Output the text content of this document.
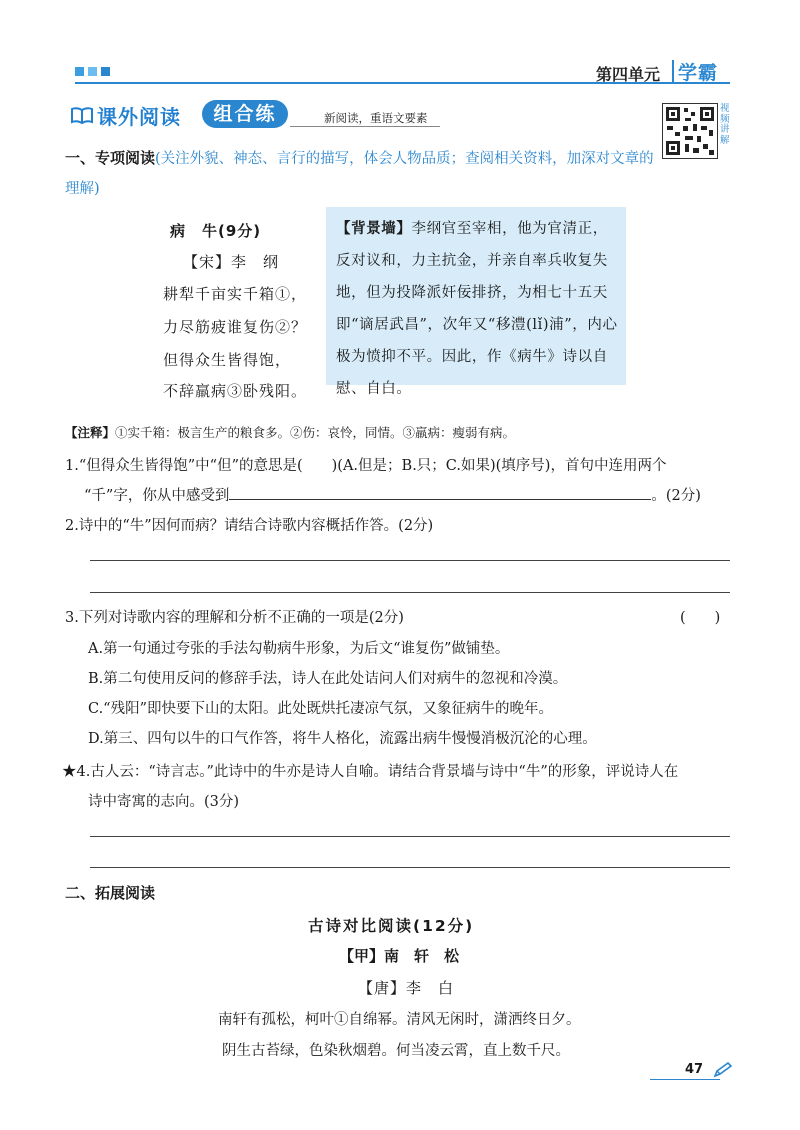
第四单元 学霸
课外阅读	组合练	新阅读，重语文要素
视频讲解
一、专项阅读(关注外貌、神态、言行的描写，体会人物品质；查阅相关资料，加深对文章的
理解)
病　牛(9分)
【宋】李　纲
耕犁千亩实千箱①，
力尽筋疲谁复伤②？
但得众生皆得饱，
不辞羸病③卧残阳。
【背景墙】李纲官至宰相，他为官清正，反对议和，力主抗金，并亲自率兵收复失地，但为投降派奸佞排挤，为相七十五天即“谪居武昌”，次年又“移澧(lǐ)浦”，内心极为愤抑不平。因此，作《病牛》诗以自慰、自白。
【注释】①实千箱：极言生产的粮食多。②伤：哀怜，同情。③羸病：瘦弱有病。
1.“但得众生皆得饱”中“但”的意思是(　　)(A.但是；B.只；C.如果)(填序号)，首句中连用两个
“千”字，你从中感受到	。(2分)
2.诗中的“牛”因何而病？请结合诗歌内容概括作答。(2分)
3.下列对诗歌内容的理解和分析不正确的一项是(2分)	(　　)
A.第一句通过夸张的手法勾勒病牛形象，为后文“谁复伤”做铺垫。
B.第二句使用反问的修辞手法，诗人在此处诘问人们对病牛的忽视和冷漠。
C.“残阳”即快要下山的太阳。此处既烘托凄凉气氛，又象征病牛的晚年。
D.第三、四句以牛的口气作答，将牛人格化，流露出病牛慢慢消极沉沦的心理。
★4.古人云：“诗言志。”此诗中的牛亦是诗人自喻。请结合背景墙与诗中“牛”的形象，评说诗人在
诗中寄寓的志向。(3分)
二、拓展阅读
古诗对比阅读(12分)
【甲】南　轩　松
【唐】李　白
南轩有孤松，柯叶①自绵幂。清风无闲时，潇洒终日夕。
阴生古苔绿，色染秋烟碧。何当凌云霄，直上数千尺。
47
